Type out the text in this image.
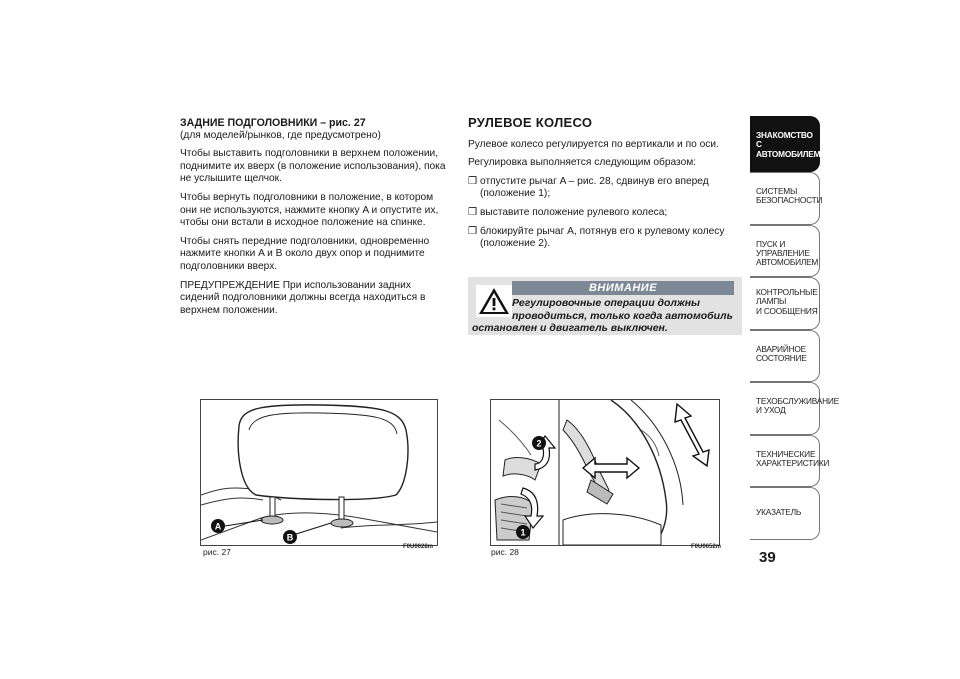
ЗАДНИЕ ПОДГОЛОВНИКИ – рис. 27

(для моделей/рынков, где предусмотрено)

Чтобы выставить подголовники в верхнем положении, поднимите их вверх (в положение использования), пока не услышите щелчок.

Чтобы вернуть подголовники в положение, в котором они не используются, нажмите кнопку A и опустите их, чтобы они встали в исходное положение на спинке.

Чтобы снять передние подголовники, одновременно нажмите кнопки A и B около двух опор и поднимите подголовники вверх.

ПРЕДУПРЕЖДЕНИЕ При использовании задних сидений подголовники должны всегда находиться в верхнем положении.

РУЛЕВОЕ КОЛЕСО

Рулевое колесо регулируется по вертикали и по оси.

Регулировка выполняется следующим образом:

❒ отпустите рычаг A – рис. 28, сдвинув его вперед (положение 1);
❒ выставите положение рулевого колеса;
❒ блокируйте рычаг A, потянув его к рулевому колесу (положение 2).
ВНИМАНИЕ
Регулировочные операции должны
проводиться, только когда автомобиль
остановлен и двигатель выключен.
A
B
рис. 27	F0U0028m
2
1
рис. 28	F0U0652m
ЗНАКОМСТВО С
АВТОМОБИЛЕМ
СИСТЕМЫ
БЕЗОПАСНОСТИ
ПУСК И УПРАВЛЕНИЕ
АВТОМОБИЛЕМ
КОНТРОЛЬНЫЕ
ЛАМПЫ
И СООБЩЕНИЯ
АВАРИЙНОЕ
СОСТОЯНИЕ
ТЕХОБСЛУЖИВАНИЕ
И УХОД
ТЕХНИЧЕСКИЕ
ХАРАКТЕРИСТИКИ
УКАЗАТЕЛЬ
39
